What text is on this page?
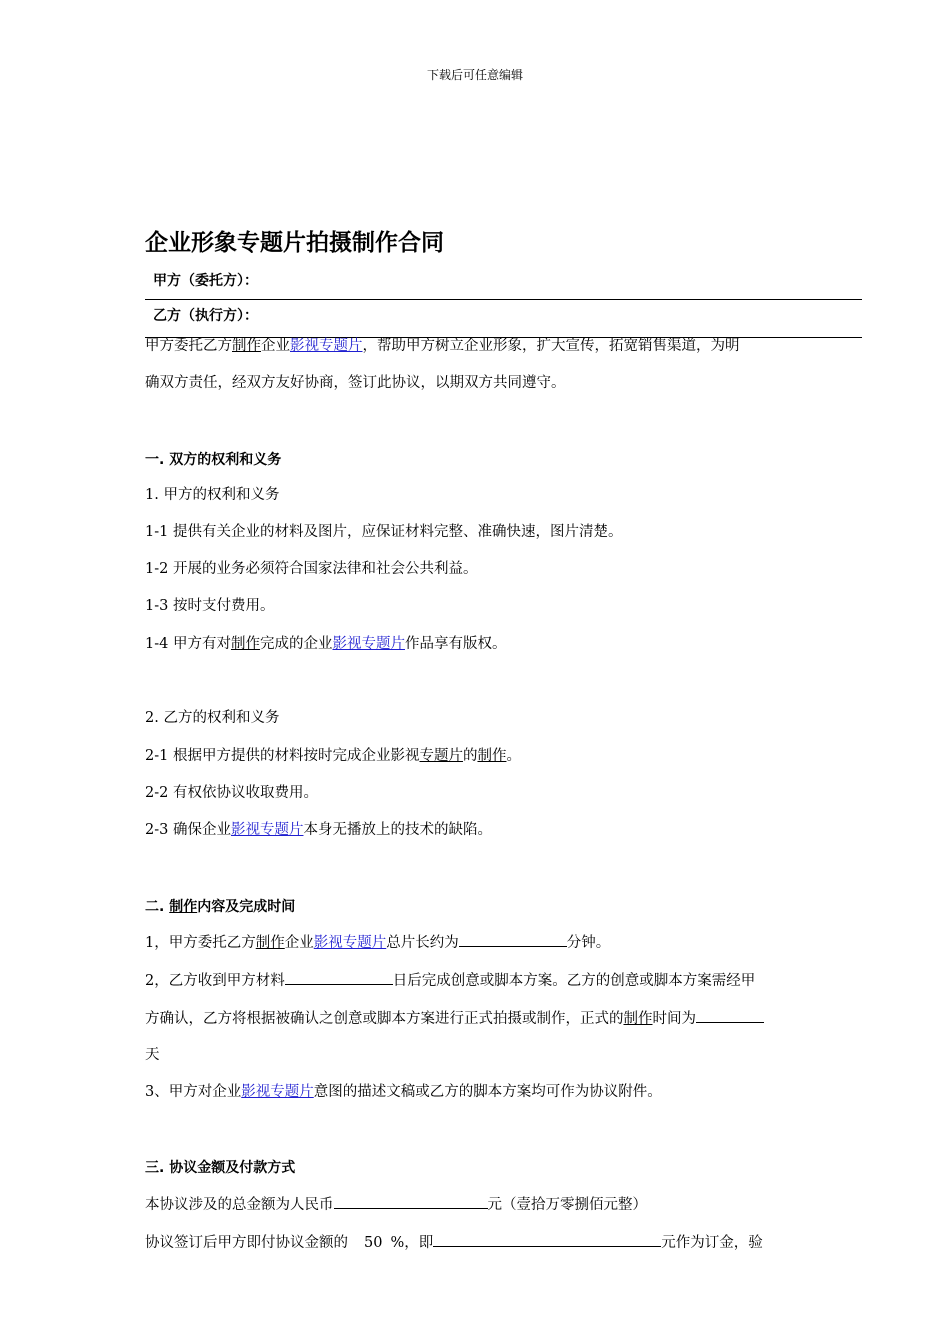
下载后可任意编辑
企业形象专题片拍摄制作合同
甲方（委托方）：
乙方（执行方）：
甲方委托乙方制作企业影视专题片，帮助甲方树立企业形象，扩大宣传，拓宽销售渠道，为明
确双方责任，经双方友好协商，签订此协议，以期双方共同遵守。
一. 双方的权利和义务
1. 甲方的权利和义务
1-1 提供有关企业的材料及图片，应保证材料完整、准确快速，图片清楚。
1-2 开展的业务必须符合国家法律和社会公共利益。
1-3 按时支付费用。
1-4 甲方有对制作完成的企业影视专题片作品享有版权。
2. 乙方的权利和义务
2-1 根据甲方提供的材料按时完成企业影视专题片的制作。
2-2 有权依协议收取费用。
2-3 确保企业影视专题片本身无播放上的技术的缺陷。
二. 制作内容及完成时间
1，甲方委托乙方制作企业影视专题片总片长约为	分钟。
2，乙方收到甲方材料	日后完成创意或脚本方案。乙方的创意或脚本方案需经甲
方确认，乙方将根据被确认之创意或脚本方案进行正式拍摄或制作，正式的制作时间为
天
3、甲方对企业影视专题片意图的描述文稿或乙方的脚本方案均可作为协议附件。
三. 协议金额及付款方式
本协议涉及的总金额为人民币	元（壹拾万零捌佰元整）
协议签订后甲方即付协议金额的 50 %，即	元作为订金，验
